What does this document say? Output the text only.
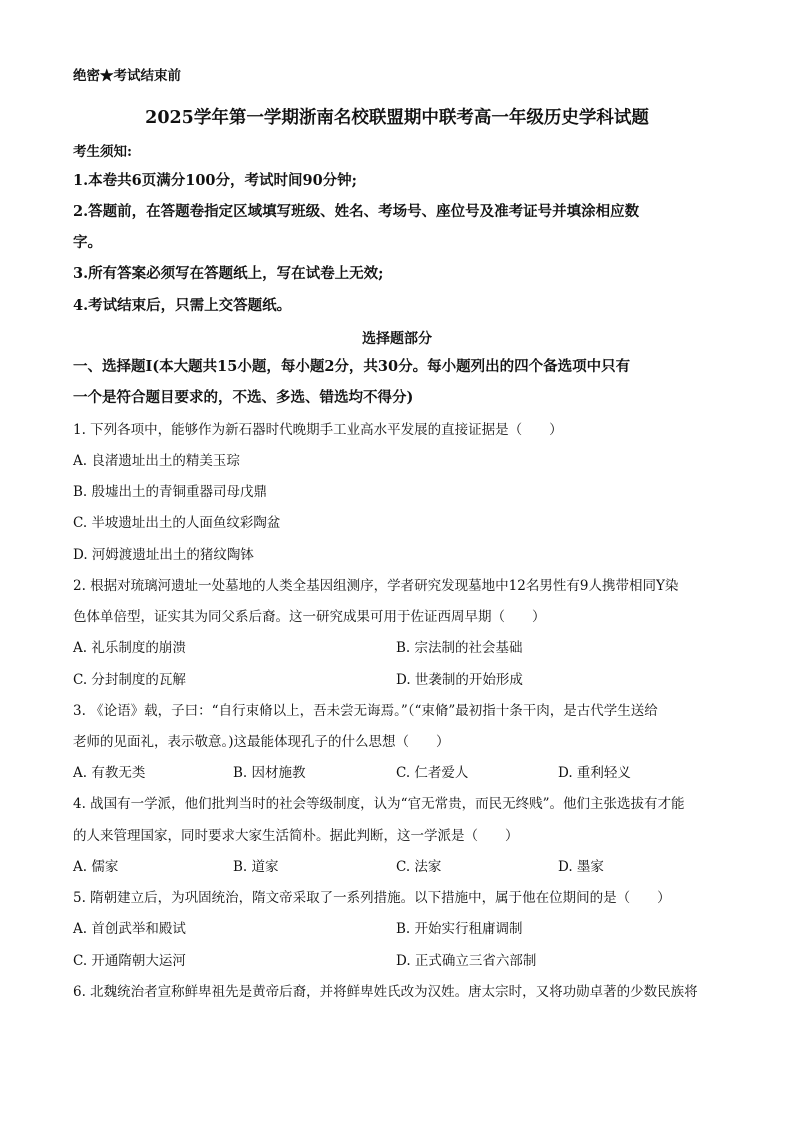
绝密★考试结束前
2025学年第一学期浙南名校联盟期中联考高一年级历史学科试题
考生须知:
1.本卷共6页满分100分，考试时间90分钟;
2.答题前，在答题卷指定区域填写班级、姓名、考场号、座位号及准考证号并填涂相应数
字。
3.所有答案必须写在答题纸上，写在试卷上无效;
4.考试结束后，只需上交答题纸。
选择题部分
一、选择题Ⅰ(本大题共15小题，每小题2分，共30分。每小题列出的四个备选项中只有
一个是符合题目要求的，不选、多选、错选均不得分)
1. 下列各项中，能够作为新石器时代晚期手工业高水平发展的直接证据是（　　）
A. 良渚遗址出土的精美玉琮
B. 殷墟出土的青铜重器司母戊鼎
C. 半坡遗址出土的人面鱼纹彩陶盆
D. 河姆渡遗址出土的猪纹陶钵
2. 根据对琉璃河遗址一处墓地的人类全基因组测序，学者研究发现墓地中12名男性有9人携带相同Y染
色体单倍型，证实其为同父系后裔。这一研究成果可用于佐证西周早期（　　）
A. 礼乐制度的崩溃	B. 宗法制的社会基础
C. 分封制度的瓦解	D. 世袭制的开始形成
3. 《论语》载，子曰：“自行束脩以上，吾未尝无诲焉。”（“束脩”最初指十条干肉，是古代学生送给
老师的见面礼，表示敬意。)这最能体现孔子的什么思想（　　）
A. 有教无类	B. 因材施教	C. 仁者爱人	D. 重利轻义
4. 战国有一学派，他们批判当时的社会等级制度，认为“官无常贵，而民无终贱”。他们主张选拔有才能
的人来管理国家，同时要求大家生活简朴。据此判断，这一学派是（　　）
A. 儒家	B. 道家	C. 法家	D. 墨家
5. 隋朝建立后，为巩固统治，隋文帝采取了一系列措施。以下措施中，属于他在位期间的是（　　）
A. 首创武举和殿试	B. 开始实行租庸调制
C. 开通隋朝大运河	D. 正式确立三省六部制
6. 北魏统治者宣称鲜卑祖先是黄帝后裔，并将鲜卑姓氏改为汉姓。唐太宗时，又将功勋卓著的少数民族将
